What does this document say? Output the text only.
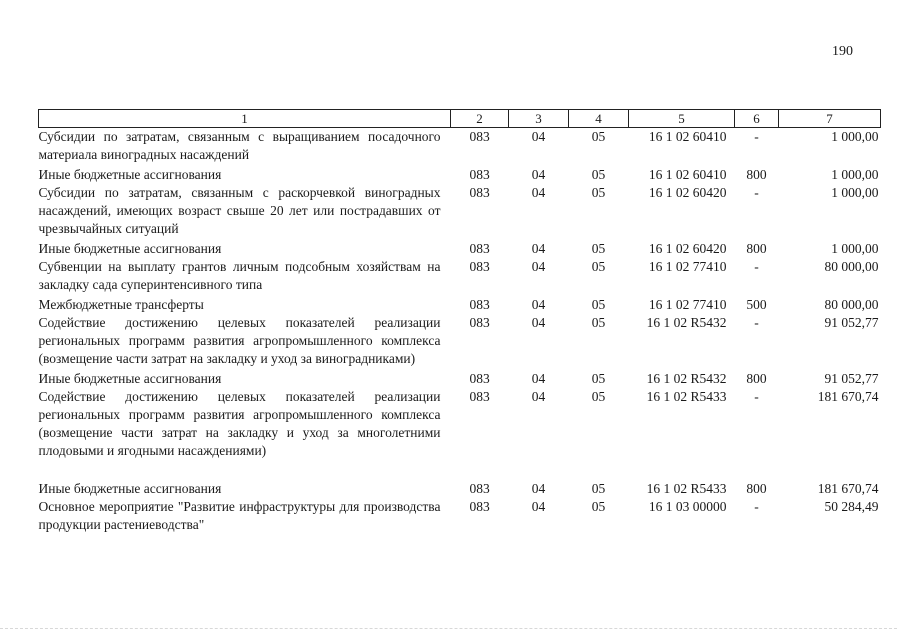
190
1	2	3	4	5	6	7
Субсидии по затратам, связанным с выращиванием посадочного материала виноградных насаждений	083	04	05	16 1 02 60410	-	1 000,00
Иные бюджетные ассигнования	083	04	05	16 1 02 60410	800	1 000,00
Субсидии по затратам, связанным с раскорчевкой виноградных насаждений, имеющих возраст свыше 20 лет или пострадавших от чрезвычайных ситуаций	083	04	05	16 1 02 60420	-	1 000,00
Иные бюджетные ассигнования	083	04	05	16 1 02 60420	800	1 000,00
Субвенции на выплату грантов личным подсобным хозяйствам на закладку сада суперинтенсивного типа	083	04	05	16 1 02 77410	-	80 000,00
Межбюджетные трансферты	083	04	05	16 1 02 77410	500	80 000,00
Содействие достижению целевых показателей реализации региональных программ развития агропромышленного комплекса (возмещение части затрат на закладку и уход за виноградниками)	083	04	05	16 1 02 R5432	-	91 052,77
Иные бюджетные ассигнования	083	04	05	16 1 02 R5432	800	91 052,77
Содействие достижению целевых показателей реализации региональных программ развития агропромышленного комплекса (возмещение части затрат на закладку и уход за многолетними плодовыми и ягодными насаждениями)	083	04	05	16 1 02 R5433	-	181 670,74
Иные бюджетные ассигнования	083	04	05	16 1 02 R5433	800	181 670,74
Основное мероприятие "Развитие инфраструктуры для производства продукции растениеводства"	083	04	05	16 1 03 00000	-	50 284,49
